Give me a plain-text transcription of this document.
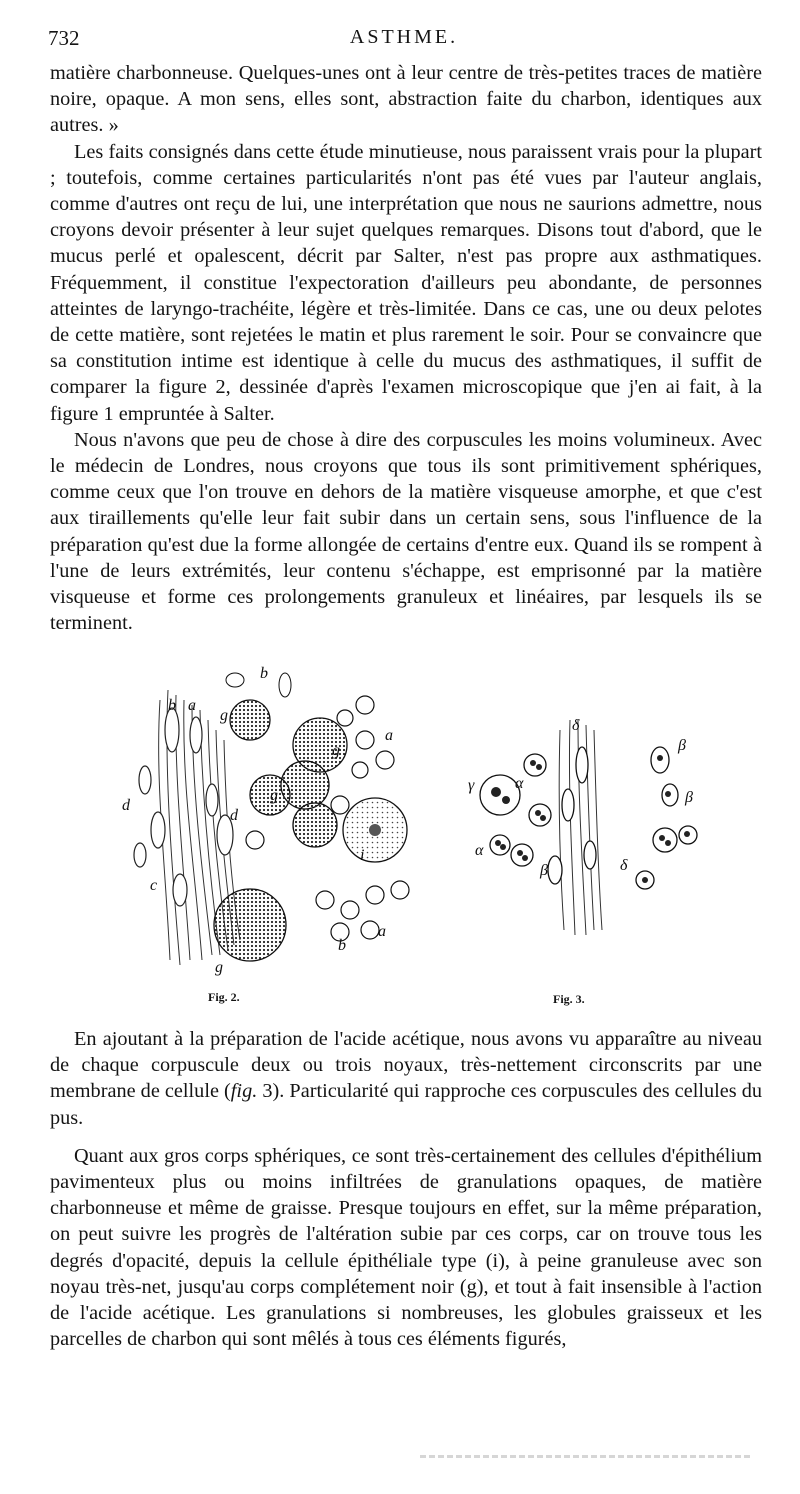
732	ASTHME.

matière charbonneuse. Quelques-unes ont à leur centre de très-petites traces de matière noire, opaque. A mon sens, elles sont, abstraction faite du charbon, identiques aux autres. »

Les faits consignés dans cette étude minutieuse, nous paraissent vrais pour la plupart ; toutefois, comme certaines particularités n'ont pas été vues par l'auteur anglais, comme d'autres ont reçu de lui, une interprétation que nous ne saurions admettre, nous croyons devoir présenter à leur sujet quelques remarques. Disons tout d'abord, que le mucus perlé et opalescent, décrit par Salter, n'est pas propre aux asthmatiques. Fréquemment, il constitue l'expectoration d'ailleurs peu abondante, de personnes atteintes de laryngo-trachéite, légère et très-limitée. Dans ce cas, une ou deux pelotes de cette matière, sont rejetées le matin et plus rarement le soir. Pour se convaincre que sa constitution intime est identique à celle du mucus des asthmatiques, il suffit de comparer la figure 2, dessinée d'après l'examen microscopique que j'en ai fait, à la figure 1 empruntée à Salter.

Nous n'avons que peu de chose à dire des corpuscules les moins volumineux. Avec le médecin de Londres, nous croyons que tous ils sont primitivement sphériques, comme ceux que l'on trouve en dehors de la matière visqueuse amorphe, et que c'est aux tiraillements qu'elle leur fait subir dans un certain sens, sous l'influence de la préparation qu'est due la forme allongée de certains d'entre eux. Quand ils se rompent à l'une de leurs extrémités, leur contenu s'échappe, est emprisonné par la matière visqueuse et forme ces prolongements granuleux et linéaires, par lesquels ils se terminent.

b
b a
g
g
a
g
d
d
i
c
a
b
g
Fig. 2.
γ	α
α
δ
δ
β
β
β
Fig. 3.

En ajoutant à la préparation de l'acide acétique, nous avons vu apparaître au niveau de chaque corpuscule deux ou trois noyaux, très-nettement circonscrits par une membrane de cellule (fig. 3). Particularité qui rapproche ces corpuscules des cellules du pus.

Quant aux gros corps sphériques, ce sont très-certainement des cellules d'épithélium pavimenteux plus ou moins infiltrées de granulations opaques, de matière charbonneuse et même de graisse. Presque toujours en effet, sur la même préparation, on peut suivre les progrès de l'altération subie par ces corps, car on trouve tous les degrés d'opacité, depuis la cellule épithéliale type (i), à peine granuleuse avec son noyau très-net, jusqu'au corps complétement noir (g), et tout à fait insensible à l'action de l'acide acétique. Les granulations si nombreuses, les globules graisseux et les parcelles de charbon qui sont mêlés à tous ces éléments figurés,
